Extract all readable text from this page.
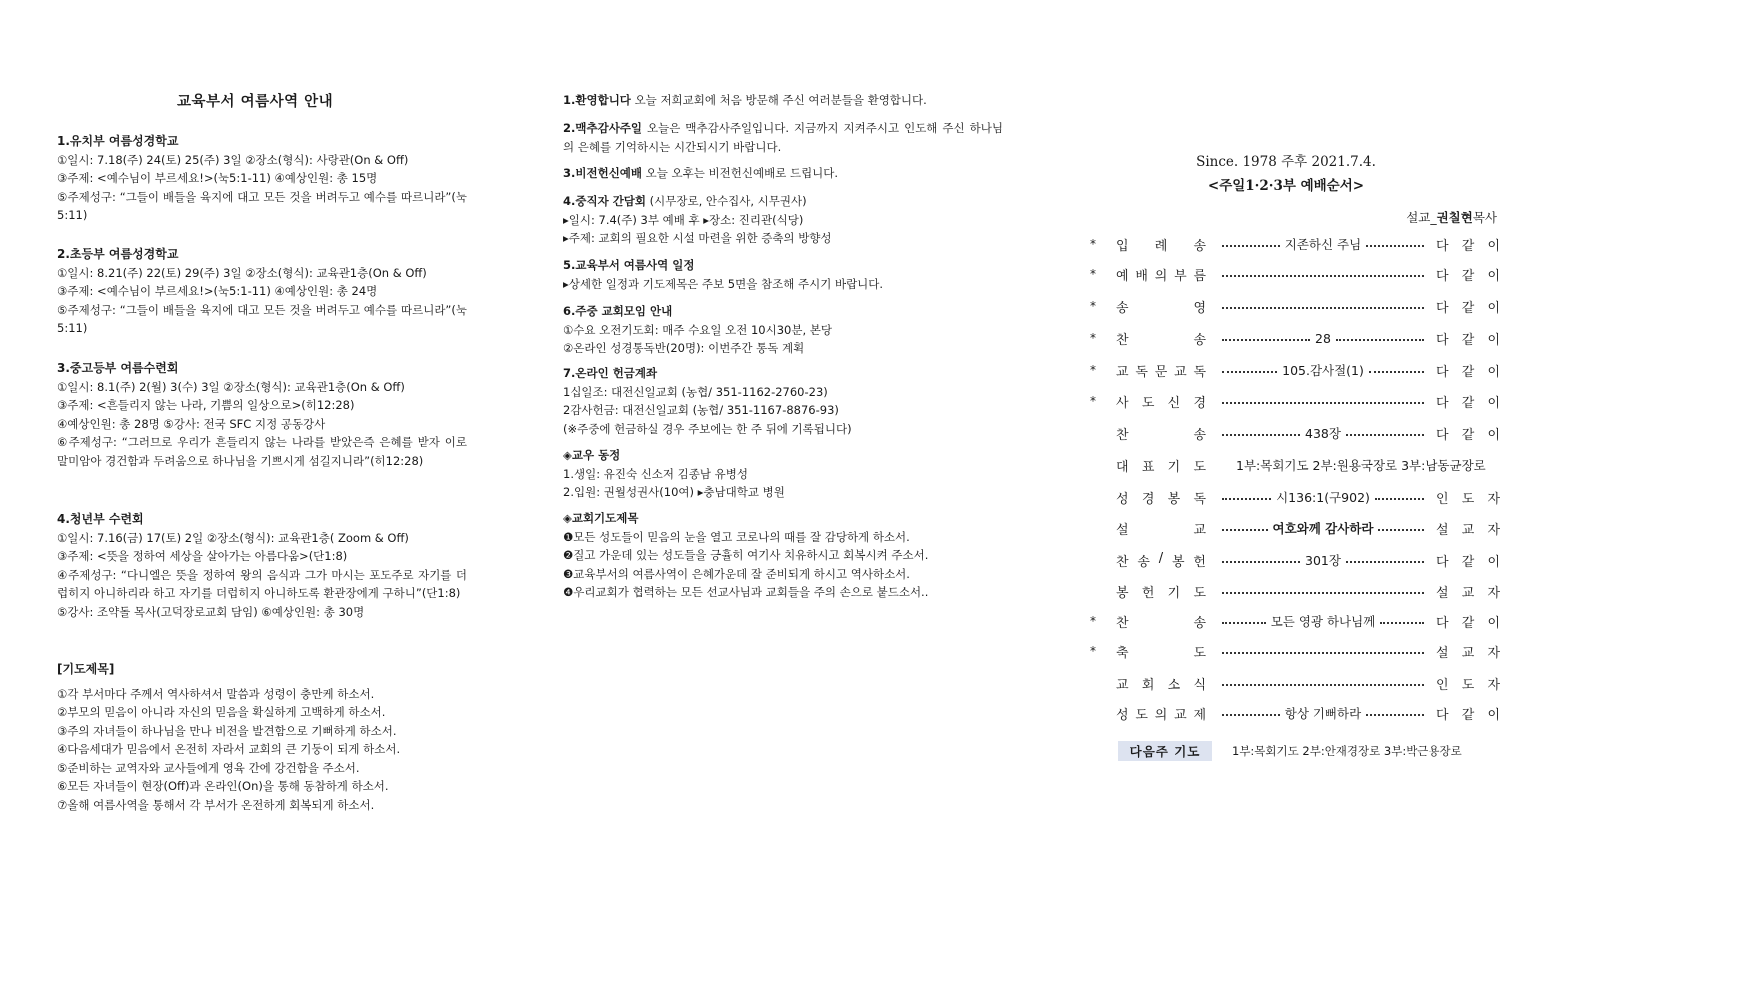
교육부서 여름사역 안내
1.유치부 여름성경학교
①일시: 7.18(주) 24(토) 25(주) 3일 ②장소(형식): 사랑관(On & Off)
③주제: <예수님이 부르세요!>(눅5:1-11) ④예상인원: 총 15명
⑤주제성구: “그들이 배들을 육지에 대고 모든 것을 버려두고 예수를 따르니라”(눅5:11)
2.초등부 여름성경학교
①일시: 8.21(주) 22(토) 29(주) 3일 ②장소(형식): 교육관1층(On & Off)
③주제: <예수님이 부르세요!>(눅5:1-11) ④예상인원: 총 24명
⑤주제성구: “그들이 배들을 육지에 대고 모든 것을 버려두고 예수를 따르니라”(눅5:11)
3.중고등부 여름수련회
①일시: 8.1(주) 2(월) 3(수) 3일 ②장소(형식): 교육관1층(On & Off)
③주제: <흔들리지 않는 나라, 기쁨의 일상으로>(히12:28)
④예상인원: 총 28명 ⑤강사: 전국 SFC 지정 공동강사
⑥주제성구: “그러므로 우리가 흔들리지 않는 나라를 받았은즉 은혜를 받자 이로 말미암아 경건함과 두려움으로 하나님을 기쁘시게 섬길지니라”(히12:28)
4.청년부 수련회
①일시: 7.16(금) 17(토) 2일 ②장소(형식): 교육관1층( Zoom & Off)
③주제: <뜻을 정하여 세상을 살아가는 아름다움>(단1:8)
④주제성구: “다니엘은 뜻을 정하여 왕의 음식과 그가 마시는 포도주로 자기를 더럽히지 아니하리라 하고 자기를 더럽히지 아니하도록 환관장에게 구하니”(단1:8)
⑤강사: 조약돌 목사(고덕장로교회 담임) ⑥예상인원: 총 30명
[기도제목]
①각 부서마다 주께서 역사하셔서 말씀과 성령이 충만케 하소서.
②부모의 믿음이 아니라 자신의 믿음을 확실하게 고백하게 하소서.
③주의 자녀들이 하나님을 만나 비전을 발견함으로 기뻐하게 하소서.
④다음세대가 믿음에서 온전히 자라서 교회의 큰 기둥이 되게 하소서.
⑤준비하는 교역자와 교사들에게 영육 간에 강건함을 주소서.
⑥모든 자녀들이 현장(Off)과 온라인(On)을 통해 동참하게 하소서.
⑦올해 여름사역을 통해서 각 부서가 온전하게 회복되게 하소서.
1.환영합니다 오늘 저희교회에 처음 방문해 주신 여러분들을 환영합니다.
2.맥추감사주일 오늘은 맥추감사주일입니다. 지금까지 지켜주시고 인도해 주신 하나님의 은혜를 기억하시는 시간되시기 바랍니다.
3.비전헌신예배 오늘 오후는 비전헌신예배로 드립니다.
4.중직자 간담회 (시무장로, 안수집사, 시무권사)
▸일시: 7.4(주) 3부 예배 후 ▸장소: 진리관(식당)
▸주제: 교회의 필요한 시설 마련을 위한 증축의 방향성
5.교육부서 여름사역 일정
▸상세한 일정과 기도제목은 주보 5면을 참조해 주시기 바랍니다.
6.주중 교회모임 안내
①수요 오전기도회: 매주 수요일 오전 10시30분, 본당
②온라인 성경통독반(20명): 이번주간 통독 계획
7.온라인 헌금계좌
1십일조: 대전신일교회 (농협/ 351-1162-2760-23)
2감사헌금: 대전신일교회 (농협/ 351-1167-8876-93)
(※주중에 헌금하실 경우 주보에는 한 주 뒤에 기록됩니다)
◈교우 동정
1.생일: 유진숙 신소저 김종남 유병성
2.입원: 권월성권사(10여) ▸충남대학교 병원
◈교회기도제목
❶모든 성도들이 믿음의 눈을 열고 코로나의 때를 잘 감당하게 하소서.
❷질고 가운데 있는 성도들을 긍휼히 여기사 치유하시고 회복시켜 주소서.
❸교육부서의 여름사역이 은혜가운데 잘 준비되게 하시고 역사하소서.
❹우리교회가 협력하는 모든 선교사님과 교회들을 주의 손으로 붙드소서..
Since. 1978 주후 2021.7.4.
<주일1·2·3부 예배순서>
설교_권칠현목사
*	입 례 송	지존하신 주님	다 같 이
*	예 배 의 부 름	다 같 이
*	송	영	다 같 이
*	찬	송	28	다 같 이
*	교 독 문 교 독	105.감사절(1)	다 같 이
*	사 도 신 경	다 같 이
찬	송	438장	다 같 이
대 표 기 도 1부:목회기도 2부:원용국장로 3부:남동균장로
성 경 봉 독	시136:1(구902)	인 도 자
설	교	여호와께 감사하라	설 교 자
찬 송 / 봉 헌	301장	다 같 이
봉 헌 기 도	설 교 자
*	찬	송	모든 영광 하나님께	다 같 이
*	축	도	설 교 자
교 회 소 식	인 도 자
성 도 의 교 제	항상 기뻐하라	다 같 이
다음주 기도	1부:목회기도 2부:안재경장로 3부:박근용장로
